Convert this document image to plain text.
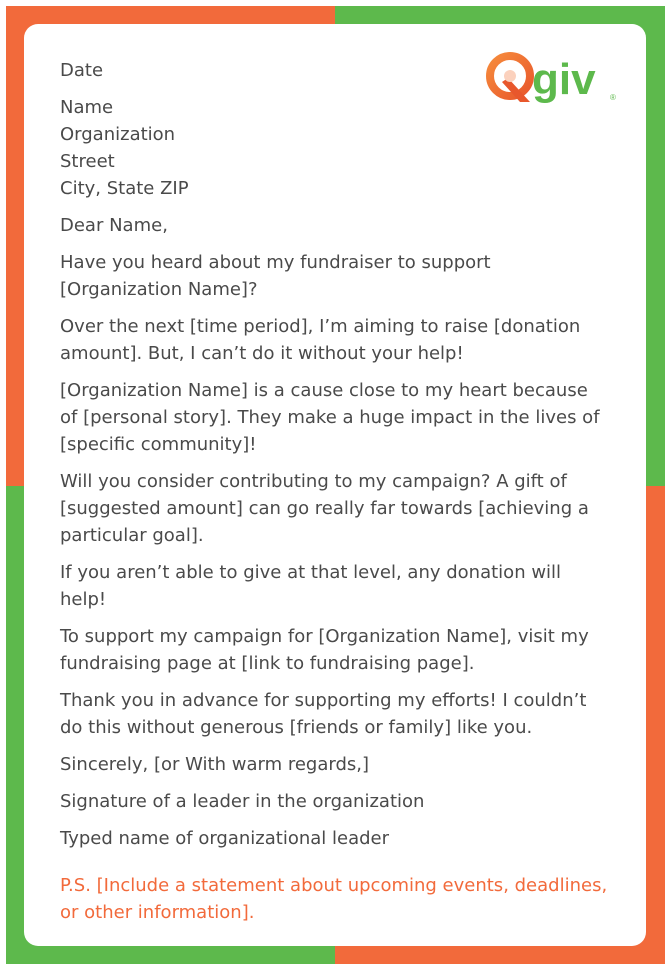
Date

Name
Organization
Street
City, State ZIP

Dear Name,

Have you heard about my fundraiser to support [Organization Name]?

Over the next [time period], I’m aiming to raise [donation amount]. But, I can’t do it without your help!

[Organization Name] is a cause close to my heart because of [personal story]. They make a huge impact in the lives of [specific community]!

Will you consider contributing to my campaign? A gift of [suggested amount] can go really far towards [achieving a particular goal].

If you aren’t able to give at that level, any donation will help!

To support my campaign for [Organization Name], visit my fundraising page at [link to fundraising page].

Thank you in advance for supporting my efforts! I couldn’t do this without generous [friends or family] like you.

Sincerely, [or With warm regards,]

Signature of a leader in the organization

Typed name of organizational leader

P.S. [Include a statement about upcoming events, deadlines, or other information].
giv ®
